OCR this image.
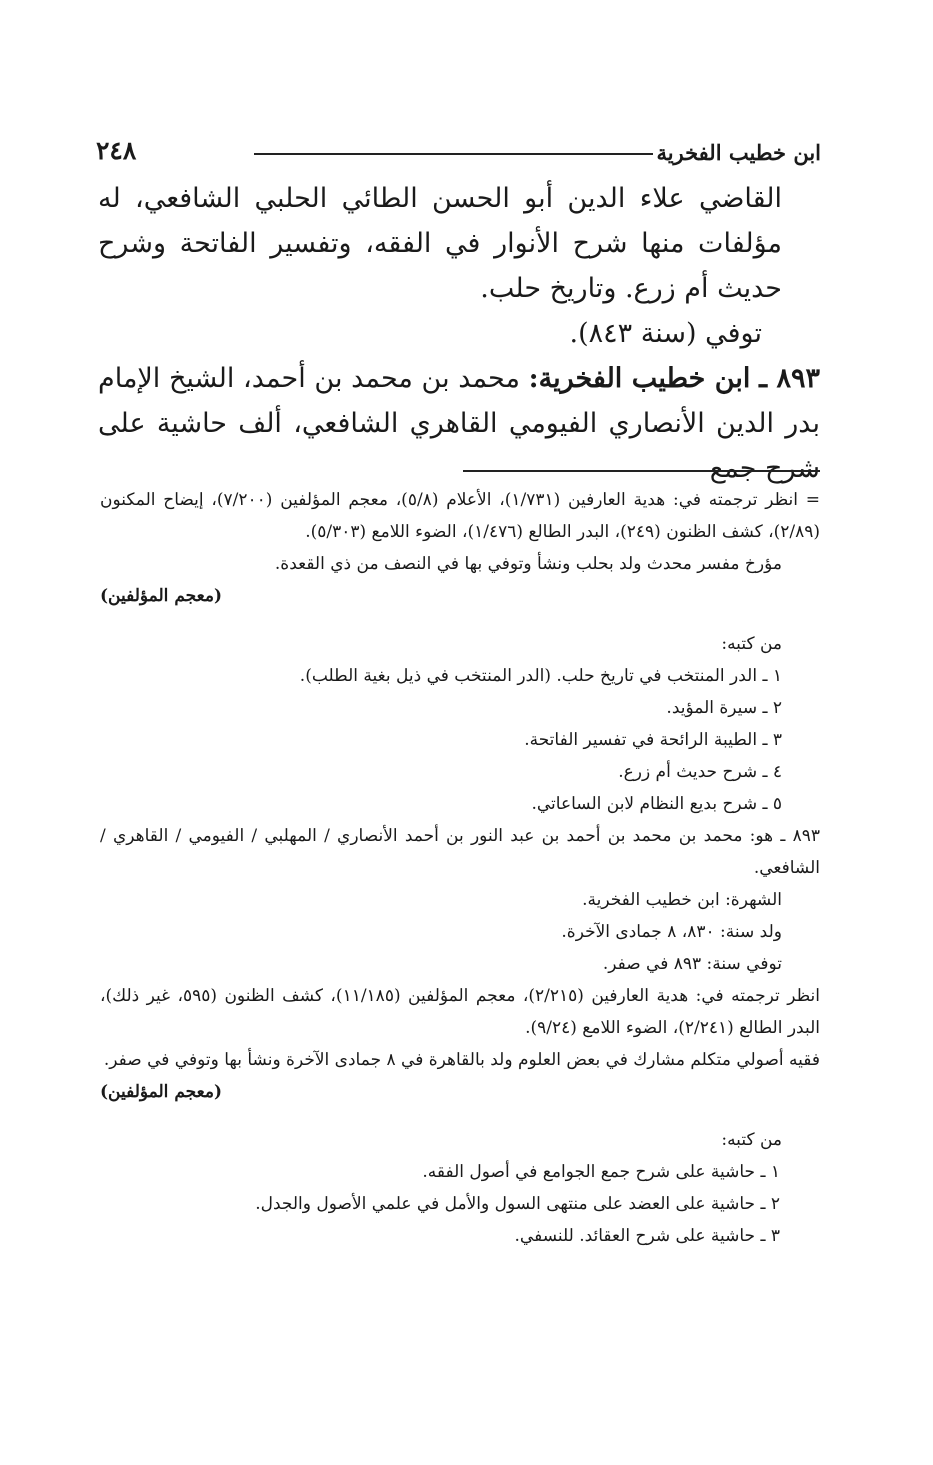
ابن خطيب الفخرية
٢٤٨
القاضي علاء الدين أبو الحسن الطائي الحلبي الشافعي، له مؤلفات منها شرح الأنوار في الفقه، وتفسير الفاتحة وشرح حديث أم زرع. وتاريخ حلب.
توفي (سنة ٨٤٣).
٨٩٣ ـ ابن خطيب الفخرية: محمد بن محمد بن أحمد، الشيخ الإمام بدر الدين الأنصاري الفيومي القاهري الشافعي، ألف حاشية على شرح جمع

= انظر ترجمته في: هدية العارفين (١/٧٣١)، الأعلام (٥/٨)، معجم المؤلفين (٧/٢٠٠)، إيضاح المكنون (٢/٨٩)، كشف الظنون (٢٤٩)، البدر الطالع (١/٤٧٦)، الضوء اللامع (٥/٣٠٣).

مؤرخ مفسر محدث ولد بحلب ونشأ وتوفي بها في النصف من ذي القعدة.

(معجم المؤلفين)

من كتبه:

١ ـ الدر المنتخب في تاريخ حلب. (الدر المنتخب في ذيل بغية الطلب).

٢ ـ سيرة المؤيد.

٣ ـ الطيبة الرائحة في تفسير الفاتحة.

٤ ـ شرح حديث أم زرع.

٥ ـ شرح بديع النظام لابن الساعاتي.

٨٩٣ ـ هو: محمد بن محمد بن أحمد بن عبد النور بن أحمد الأنصاري / المهلبي / الفيومي / القاهري / الشافعي.

الشهرة: ابن خطيب الفخرية.

ولد سنة: ٨٣٠، ٨ جمادى الآخرة.

توفي سنة: ٨٩٣ في صفر.

انظر ترجمته في: هدية العارفين (٢/٢١٥)، معجم المؤلفين (١١/١٨٥)، كشف الظنون (٥٩٥، غير ذلك)، البدر الطالع (٢/٢٤١)، الضوء اللامع (٩/٢٤).

فقيه أصولي متكلم مشارك في بعض العلوم ولد بالقاهرة في ٨ جمادى الآخرة ونشأ بها وتوفي في صفر.

(معجم المؤلفين)

من كتبه:

١ ـ حاشية على شرح جمع الجوامع في أصول الفقه.

٢ ـ حاشية على العضد على منتهى السول والأمل في علمي الأصول والجدل.

٣ ـ حاشية على شرح العقائد. للنسفي.
